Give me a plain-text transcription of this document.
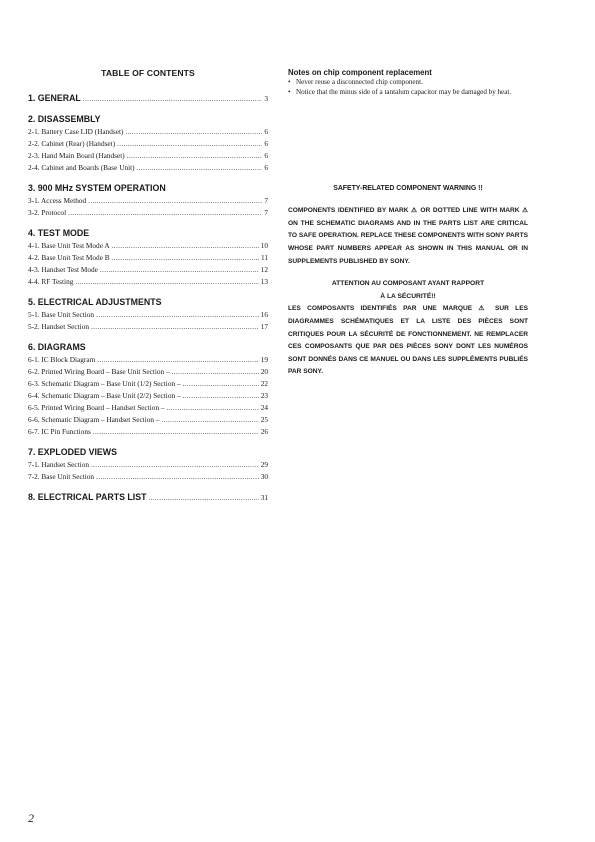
TABLE OF CONTENTS
1. GENERAL .....	3
2. DISASSEMBLY
2-1. Battery Case LID (Handset) .....	6
2-2. Cabinet (Rear) (Handset) .....	6
2-3. Hand Main Board (Handset) .....	6
2-4. Cabinet and Boards (Base Unit) .....	6
3. 900 MHz SYSTEM OPERATION
3-1. Access Method .....	7
3-2. Protocol .....	7
4. TEST MODE
4-1. Base Unit Test Mode A .....	10
4-2. Base Unit Test Mode B .....	11
4-3. Handset Test Mode .....	12
4-4. RF Testing .....	13
5. ELECTRICAL ADJUSTMENTS
5-1. Base Unit Section .....	16
5-2. Handset Section .....	17
6. DIAGRAMS
6-1. IC Block Diagram .....	19
6-2. Printed Wiring Board – Base Unit Section – .....	20
6-3. Schematic Diagram – Base Unit (1/2) Section – .....	22
6-4. Schematic Diagram – Base Unit (2/2) Section – .....	23
6-5. Printed Wiring Board – Handset Section – .....	24
6-6. Schematic Diagram – Handset Section – .....	25
6-7. IC Pin Functions .....	26
7. EXPLODED VIEWS
7-1. Handset Section .....	29
7-2. Base Unit Section .....	30
8. ELECTRICAL PARTS LIST .....	31
Notes on chip component replacement
• Never reuse a disconnected chip component.
• Notice that the minus side of a tantalum capacitor may be damaged by heat.
SAFETY-RELATED COMPONENT WARNING !!
COMPONENTS IDENTIFIED BY MARK ⚠ OR DOTTED LINE WITH MARK ⚠ ON THE SCHEMATIC DIAGRAMS AND IN THE PARTS LIST ARE CRITICAL TO SAFE OPERATION. REPLACE THESE COMPONENTS WITH SONY PARTS WHOSE PART NUMBERS APPEAR AS SHOWN IN THIS MANUAL OR IN SUPPLEMENTS PUBLISHED BY SONY.
ATTENTION AU COMPOSANT AYANT RAPPORT
À LA SÉCURITÉ!!
LES COMPOSANTS IDENTIFIÉS PAR UNE MARQUE ⚠ SUR LES DIAGRAMMES SCHÉMATIQUES ET LA LISTE DES PIÈCES SONT CRITIQUES POUR LA SÉCURITÉ DE FONCTIONNEMENT. NE REMPLACER CES COMPOSANTS QUE PAR DES PIÈCES SONY DONT LES NUMÉROS SONT DONNÉS DANS CE MANUEL OU DANS LES SUPPLÉMENTS PUBLIÉS PAR SONY.
2
